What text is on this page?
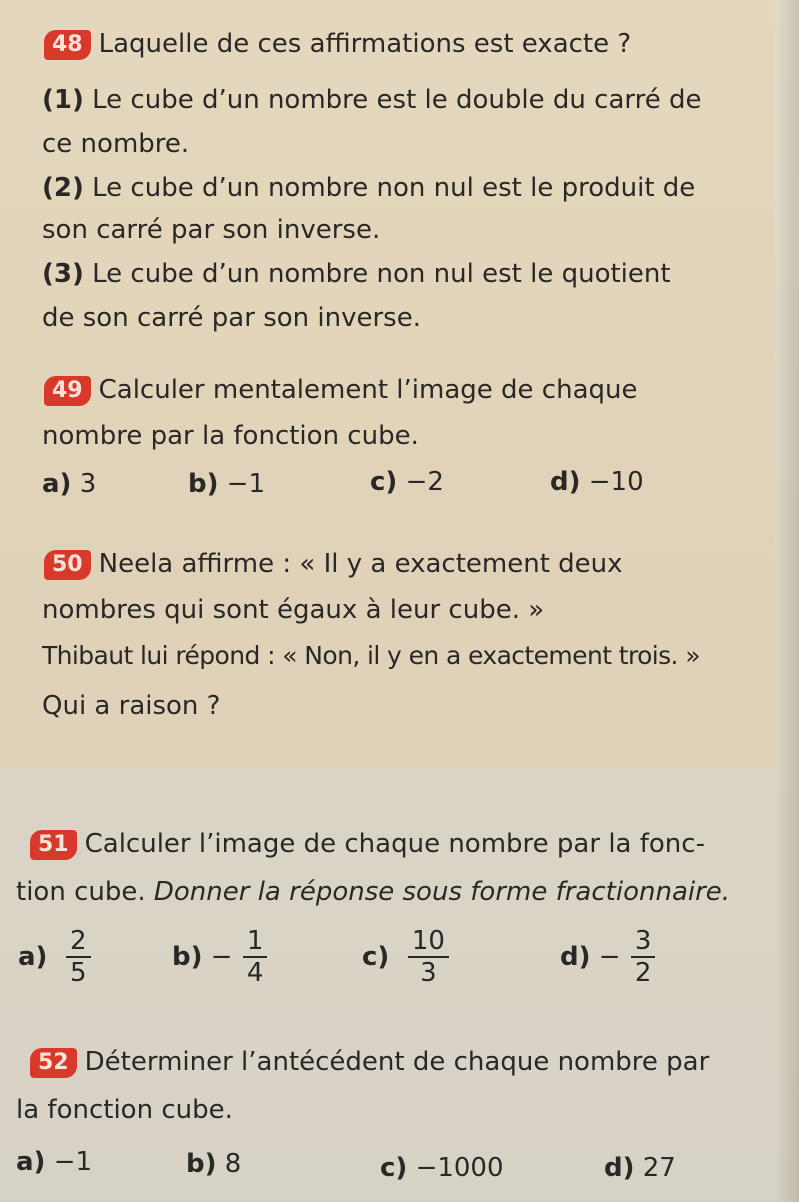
48 Laquelle de ces affirmations est exacte ?
(1) Le cube d’un nombre est le double du carré de
ce nombre.
(2) Le cube d’un nombre non nul est le produit de
son carré par son inverse.
(3) Le cube d’un nombre non nul est le quotient
de son carré par son inverse.
49 Calculer mentalement l’image de chaque
nombre par la fonction cube.
a) 3	b) −1	c) −2	d) −10
50 Neela affirme : « Il y a exactement deux
nombres qui sont égaux à leur cube. »
Thibaut lui répond : « Non, il y en a exactement trois. »
Qui a raison ?
51 Calculer l’image de chaque nombre par la fonc-
tion cube. Donner la réponse sous forme fractionnaire.
$a) \frac{2}{5}$	$b) - \frac{1}{4}$	$c) \frac{10}{3}$	$d) - \frac{3}{2}$
52 Déterminer l’antécédent de chaque nombre par
la fonction cube.
a) −1	b) 8	c) −1000	d) 27
